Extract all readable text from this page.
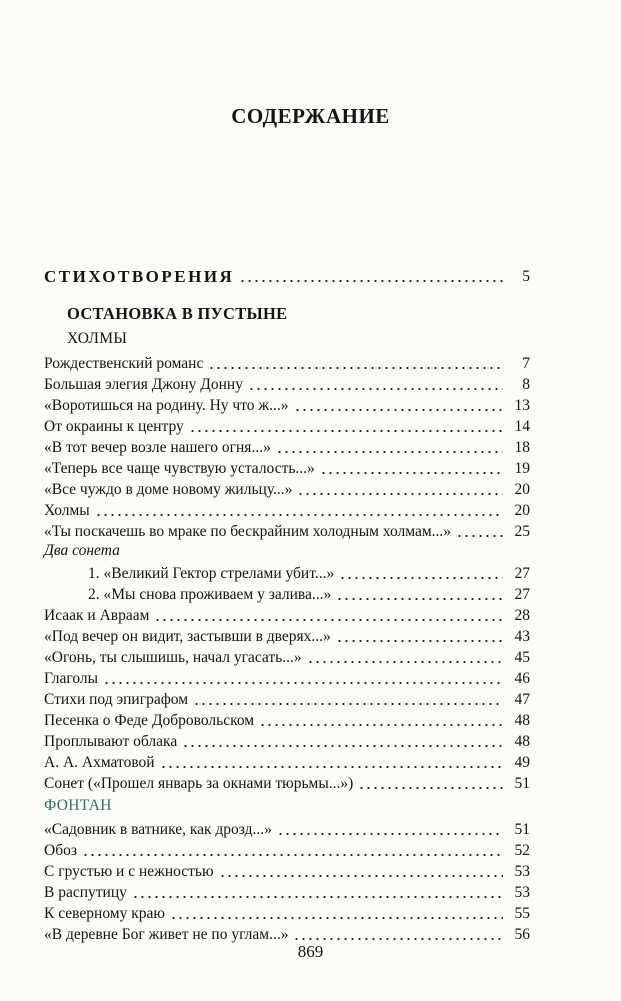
СОДЕРЖАНИЕ
СТИХОТВОРЕНИЯ	5
ОСТАНОВКА В ПУСТЫНЕ
ХОЛМЫ
Рождественский романс	7
Большая элегия Джону Донну	8
«Воротишься на родину. Ну что ж...»	13
От окраины к центру	14
«В тот вечер возле нашего огня...»	18
«Теперь все чаще чувствую усталость...»	19
«Все чуждо в доме новому жильцу...»	20
Холмы	20
«Ты поскачешь во мраке по бескрайним холодным холмам...»	25
Два сонета
1. «Великий Гектор стрелами убит...»	27
2. «Мы снова проживаем у залива...»	27
Исаак и Авраам	28
«Под вечер он видит, застывши в дверях...»	43
«Огонь, ты слышишь, начал угасать...»	45
Глаголы	46
Стихи под эпиграфом	47
Песенка о Феде Добровольском	48
Проплывают облака	48
А. А. Ахматовой	49
Сонет («Прошел январь за окнами тюрьмы...»)	51
ФОНТАН
«Садовник в ватнике, как дрозд...»	51
Обоз	52
С грустью и с нежностью	53
В распутицу	53
К северному краю	55
«В деревне Бог живет не по углам...»	56
869
